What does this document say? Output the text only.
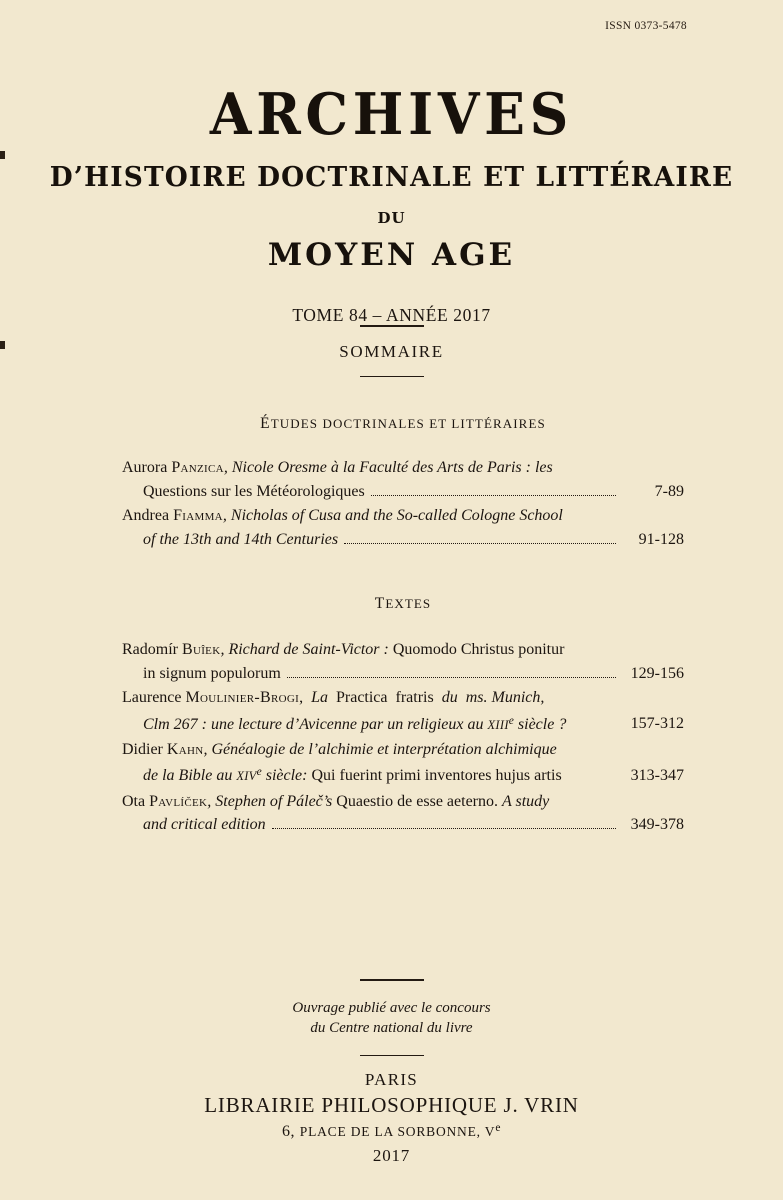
ISSN 0373-5478
ARCHIVES
D’HISTOIRE DOCTRINALE ET LITTÉRAIRE
DU
MOYEN AGE
TOME 84 – ANNÉE 2017
SOMMAIRE
ÉTUDES DOCTRINALES ET LITTÉRAIRES
Aurora Panzica, Nicole Oresme à la Faculté des Arts de Paris : les
Questions sur les Météorologiques	7-89
Andrea Fiamma, Nicholas of Cusa and the So-called Cologne School
of the 13th and 14th Centuries	91-128
TEXTES
Radomír Buîek, Richard de Saint-Victor : Quomodo Christus ponitur
in signum populorum	129-156
Laurence Moulinier-Brogi,  La  Practica  fratris  du  ms. Munich,
Clm 267 : une lecture d’Avicenne par un religieux au XIIIe siècle ?	157-312
Didier Kahn, Généalogie de l’alchimie et interprétation alchimique
de la Bible au XIVe siècle: Qui fuerint primi inventores hujus artis	313-347
Ota Pavlíček, Stephen of Páleč’s Quaestio de esse aeterno. A study
and critical edition	349-378
Ouvrage publié avec le concours
du Centre national du livre
PARIS
LIBRAIRIE PHILOSOPHIQUE J. VRIN
6, PLACE DE LA SORBONNE, Ve
2017
